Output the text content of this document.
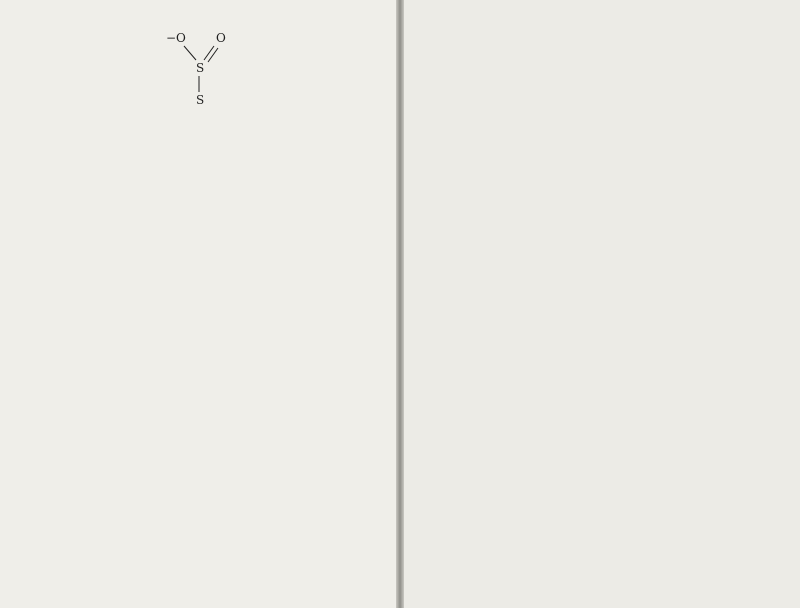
−O	O
S
S
